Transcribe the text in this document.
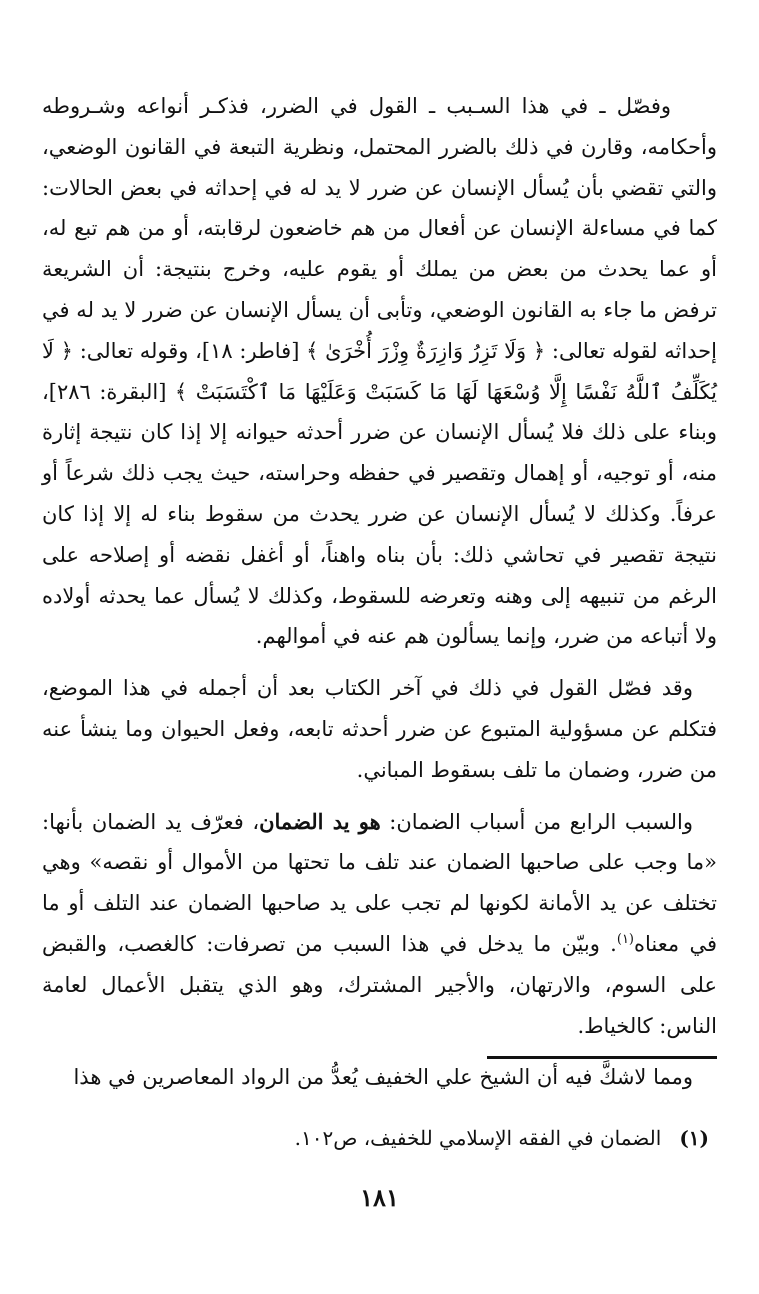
وفصّل ـ في هذا السـبب ـ القول في الضرر، فذكـر أنواعه وشـروطه وأحكامه، وقارن في ذلك بالضرر المحتمل، ونظرية التبعة في القانون الوضعي، والتي تقضي بأن يُسأل الإنسان عن ضرر لا يد له في إحداثه في بعض الحالات: كما في مساءلة الإنسان عن أفعال من هم خاضعون لرقابته، أو من هم تبع له، أو عما يحدث من بعض من يملك أو يقوم عليه، وخرج بنتيجة: أن الشريعة ترفض ما جاء به القانون الوضعي، وتأبى أن يسأل الإنسان عن ضرر لا يد له في إحداثه لقوله تعالى: ﴿ وَلَا تَزِرُ وَازِرَةٌ وِزْرَ أُخْرَىٰ ﴾ [فاطر: ١٨]، وقوله تعالى: ﴿ لَا يُكَلِّفُ ٱللَّهُ نَفْسًا إِلَّا وُسْعَهَا لَهَا مَا كَسَبَتْ وَعَلَيْهَا مَا ٱكْتَسَبَتْ ﴾ [البقرة: ٢٨٦]، وبناء على ذلك فلا يُسأل الإنسان عن ضرر أحدثه حيوانه إلا إذا كان نتيجة إثارة منه، أو توجيه، أو إهمال وتقصير في حفظه وحراسته، حيث يجب ذلك شرعاً أو عرفاً. وكذلك لا يُسأل الإنسان عن ضرر يحدث من سقوط بناء له إلا إذا كان نتيجة تقصير في تحاشي ذلك: بأن بناه واهناً، أو أغفل نقضه أو إصلاحه على الرغم من تنبيهه إلى وهنه وتعرضه للسقوط، وكذلك لا يُسأل عما يحدثه أولاده ولا أتباعه من ضرر، وإنما يسألون هم عنه في أموالهم.

وقد فصّل القول في ذلك في آخر الكتاب بعد أن أجمله في هذا الموضع، فتكلم عن مسؤولية المتبوع عن ضرر أحدثه تابعه، وفعل الحيوان وما ينشأ عنه من ضرر، وضمان ما تلف بسقوط المباني.

والسبب الرابع من أسباب الضمان: هو يد الضمان، فعرّف يد الضمان بأنها: «ما وجب على صاحبها الضمان عند تلف ما تحتها من الأموال أو نقصه» وهي تختلف عن يد الأمانة لكونها لم تجب على يد صاحبها الضمان عند التلف أو ما في معناه$^{(١)}$. وبيّن ما يدخل في هذا السبب من تصرفات: كالغصب، والقبض على السوم، والارتهان، والأجير المشترك، وهو الذي يتقبل الأعمال لعامة الناس: كالخياط.

ومما لاشكَّ فيه أن الشيخ علي الخفيف يُعدُّ من الرواد المعاصرين في هذا

(١)الضمان في الفقه الإسلامي للخفيف، ص١٠٢.
١٨١
